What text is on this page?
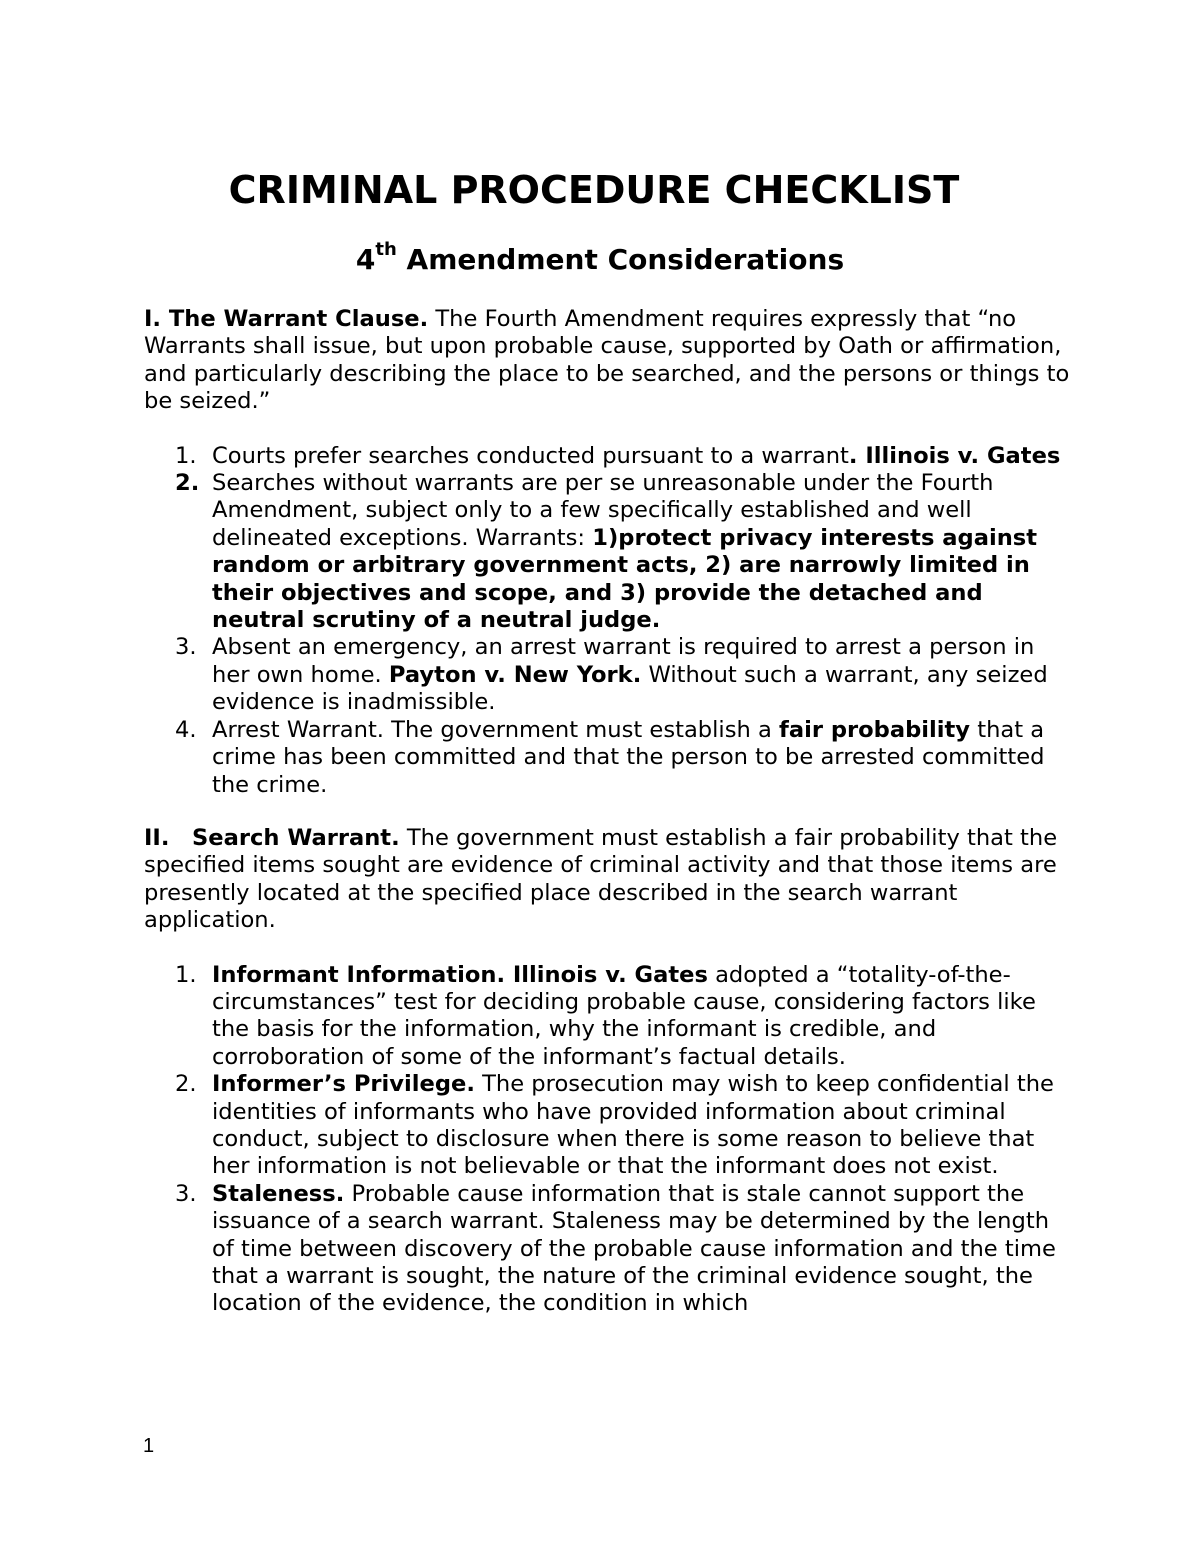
CRIMINAL PROCEDURE CHECKLIST
4th Amendment Considerations

I. The Warrant Clause. The Fourth Amendment requires expressly that “no Warrants shall issue, but upon probable cause, supported by Oath or affirmation, and particularly describing the place to be searched, and the persons or things to be seized.”

1. Courts prefer searches conducted pursuant to a warrant. Illinois v. Gates
2. Searches without warrants are per se unreasonable under the Fourth Amendment, subject only to a few specifically established and well delineated exceptions. Warrants: 1)protect privacy interests against random or arbitrary government acts, 2) are narrowly limited in their objectives and scope, and 3) provide the detached and neutral scrutiny of a neutral judge.
3. Absent an emergency, an arrest warrant is required to arrest a person in her own home. Payton v. New York. Without such a warrant, any seized evidence is inadmissible.
4. Arrest Warrant. The government must establish a fair probability that a crime has been committed and that the person to be arrested committed the crime.

II. Search Warrant. The government must establish a fair probability that the specified items sought are evidence of criminal activity and that those items are presently located at the specified place described in the search warrant application.

1. Informant Information. Illinois v. Gates adopted a “totality-of-the-circumstances” test for deciding probable cause, considering factors like the basis for the information, why the informant is credible, and corroboration of some of the informant’s factual details.
2. Informer’s Privilege. The prosecution may wish to keep confidential the identities of informants who have provided information about criminal conduct, subject to disclosure when there is some reason to believe that her information is not believable or that the informant does not exist.
3. Staleness. Probable cause information that is stale cannot support the issuance of a search warrant. Staleness may be determined by the length of time between discovery of the probable cause information and the time that a warrant is sought, the nature of the criminal evidence sought, the location of the evidence, the condition in which
1
